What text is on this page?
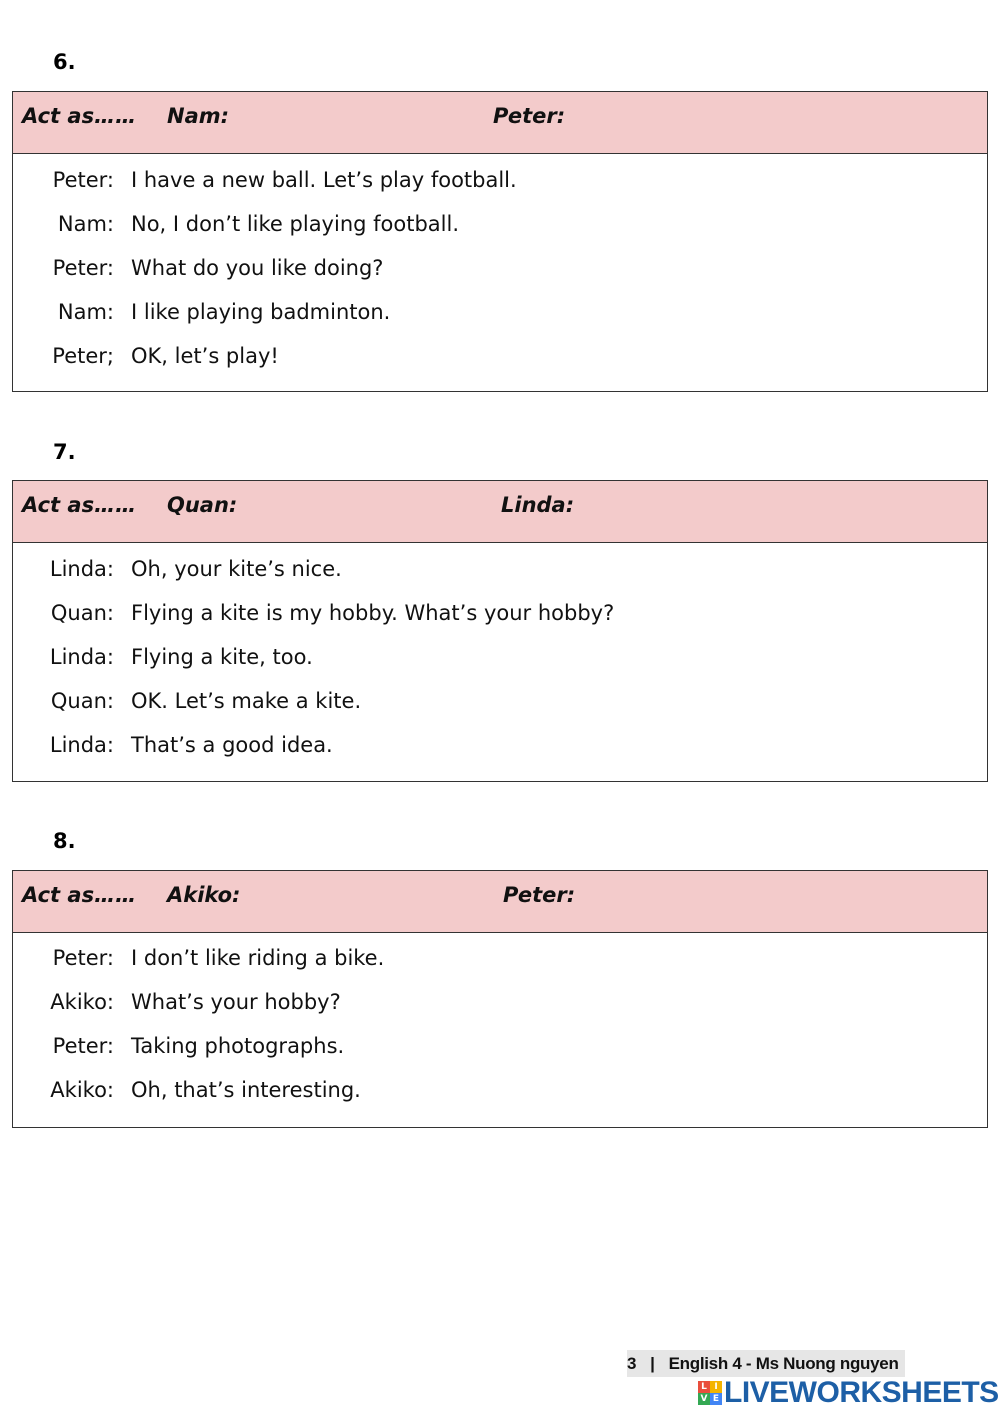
6.
Act as…… Nam:	Peter:
Peter: I have a new ball. Let’s play football.
Nam: No, I don’t like playing football.
Peter: What do you like doing?
Nam: I like playing badminton.
Peter; OK, let’s play!
7.
Act as…… Quan:	Linda:
Linda: Oh, your kite’s nice.
Quan: Flying a kite is my hobby. What’s your hobby?
Linda: Flying a kite, too.
Quan: OK. Let’s make a kite.
Linda: That’s a good idea.
8.
Act as…… Akiko:	Peter:
Peter: I don’t like riding a bike.
Akiko: What’s your hobby?
Peter: Taking photographs.
Akiko: Oh, that’s interesting.
3 | English 4 - Ms Nuong nguyen
L I
V E LIVEWORKSHEETS
